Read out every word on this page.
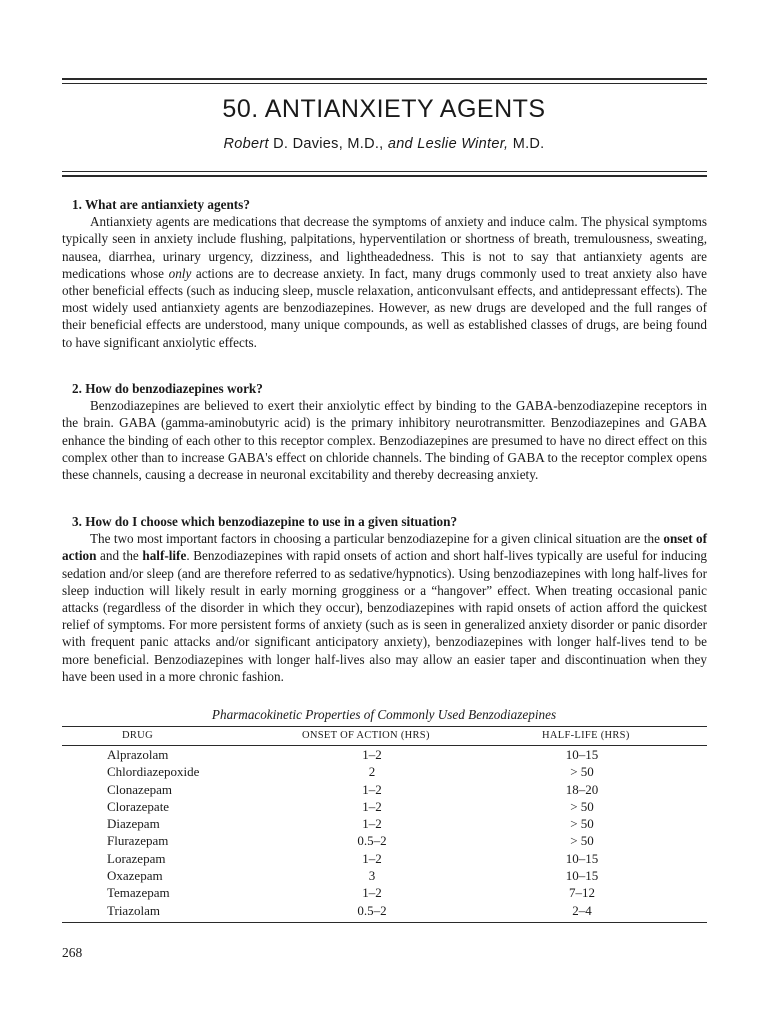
50. ANTIANXIETY AGENTS
Robert D. Davies, M.D., and Leslie Winter, M.D.
1. What are antianxiety agents?

Antianxiety agents are medications that decrease the symptoms of anxiety and induce calm. The physical symptoms typically seen in anxiety include flushing, palpitations, hyperventilation or shortness of breath, tremulousness, sweating, nausea, diarrhea, urinary urgency, dizziness, and lightheadedness. This is not to say that antianxiety agents are medications whose only actions are to decrease anxiety. In fact, many drugs commonly used to treat anxiety also have other beneficial effects (such as inducing sleep, muscle relaxation, anticonvulsant effects, and antidepressant effects). The most widely used antianxiety agents are benzodiazepines. However, as new drugs are developed and the full ranges of their beneficial effects are understood, many unique compounds, as well as established classes of drugs, are being found to have significant anxiolytic effects.

2. How do benzodiazepines work?

Benzodiazepines are believed to exert their anxiolytic effect by binding to the GABA-benzodiazepine receptors in the brain. GABA (gamma-aminobutyric acid) is the primary inhibitory neurotransmitter. Benzodiazepines and GABA enhance the binding of each other to this receptor complex. Benzodiazepines are presumed to have no direct effect on this complex other than to increase GABA's effect on chloride channels. The binding of GABA to the receptor complex opens these channels, causing a decrease in neuronal excitability and thereby decreasing anxiety.

3. How do I choose which benzodiazepine to use in a given situation?

The two most important factors in choosing a particular benzodiazepine for a given clinical situation are the onset of action and the half-life. Benzodiazepines with rapid onsets of action and short half-lives typically are useful for inducing sedation and/or sleep (and are therefore referred to as sedative/hypnotics). Using benzodiazepines with long half-lives for sleep induction will likely result in early morning grogginess or a “hangover” effect. When treating occasional panic attacks (regardless of the disorder in which they occur), benzodiazepines with rapid onsets of action afford the quickest relief of symptoms. For more persistent forms of anxiety (such as is seen in generalized anxiety disorder or panic disorder with frequent panic attacks and/or significant anticipatory anxiety), benzodiazepines with longer half-lives tend to be more beneficial. Benzodiazepines with longer half-lives also may allow an easier taper and discontinuation when they have been used in a more chronic fashion.

Pharmacokinetic Properties of Commonly Used Benzodiazepines
DRUG	ONSET OF ACTION (HRS)	HALF-LIFE (HRS)
Alprazolam	1–2	10–15
Chlordiazepoxide	2	> 50
Clonazepam	1–2	18–20
Clorazepate	1–2	> 50
Diazepam	1–2	> 50
Flurazepam	0.5–2	> 50
Lorazepam	1–2	10–15
Oxazepam	3	10–15
Temazepam	1–2	7–12
Triazolam	0.5–2	2–4
268
